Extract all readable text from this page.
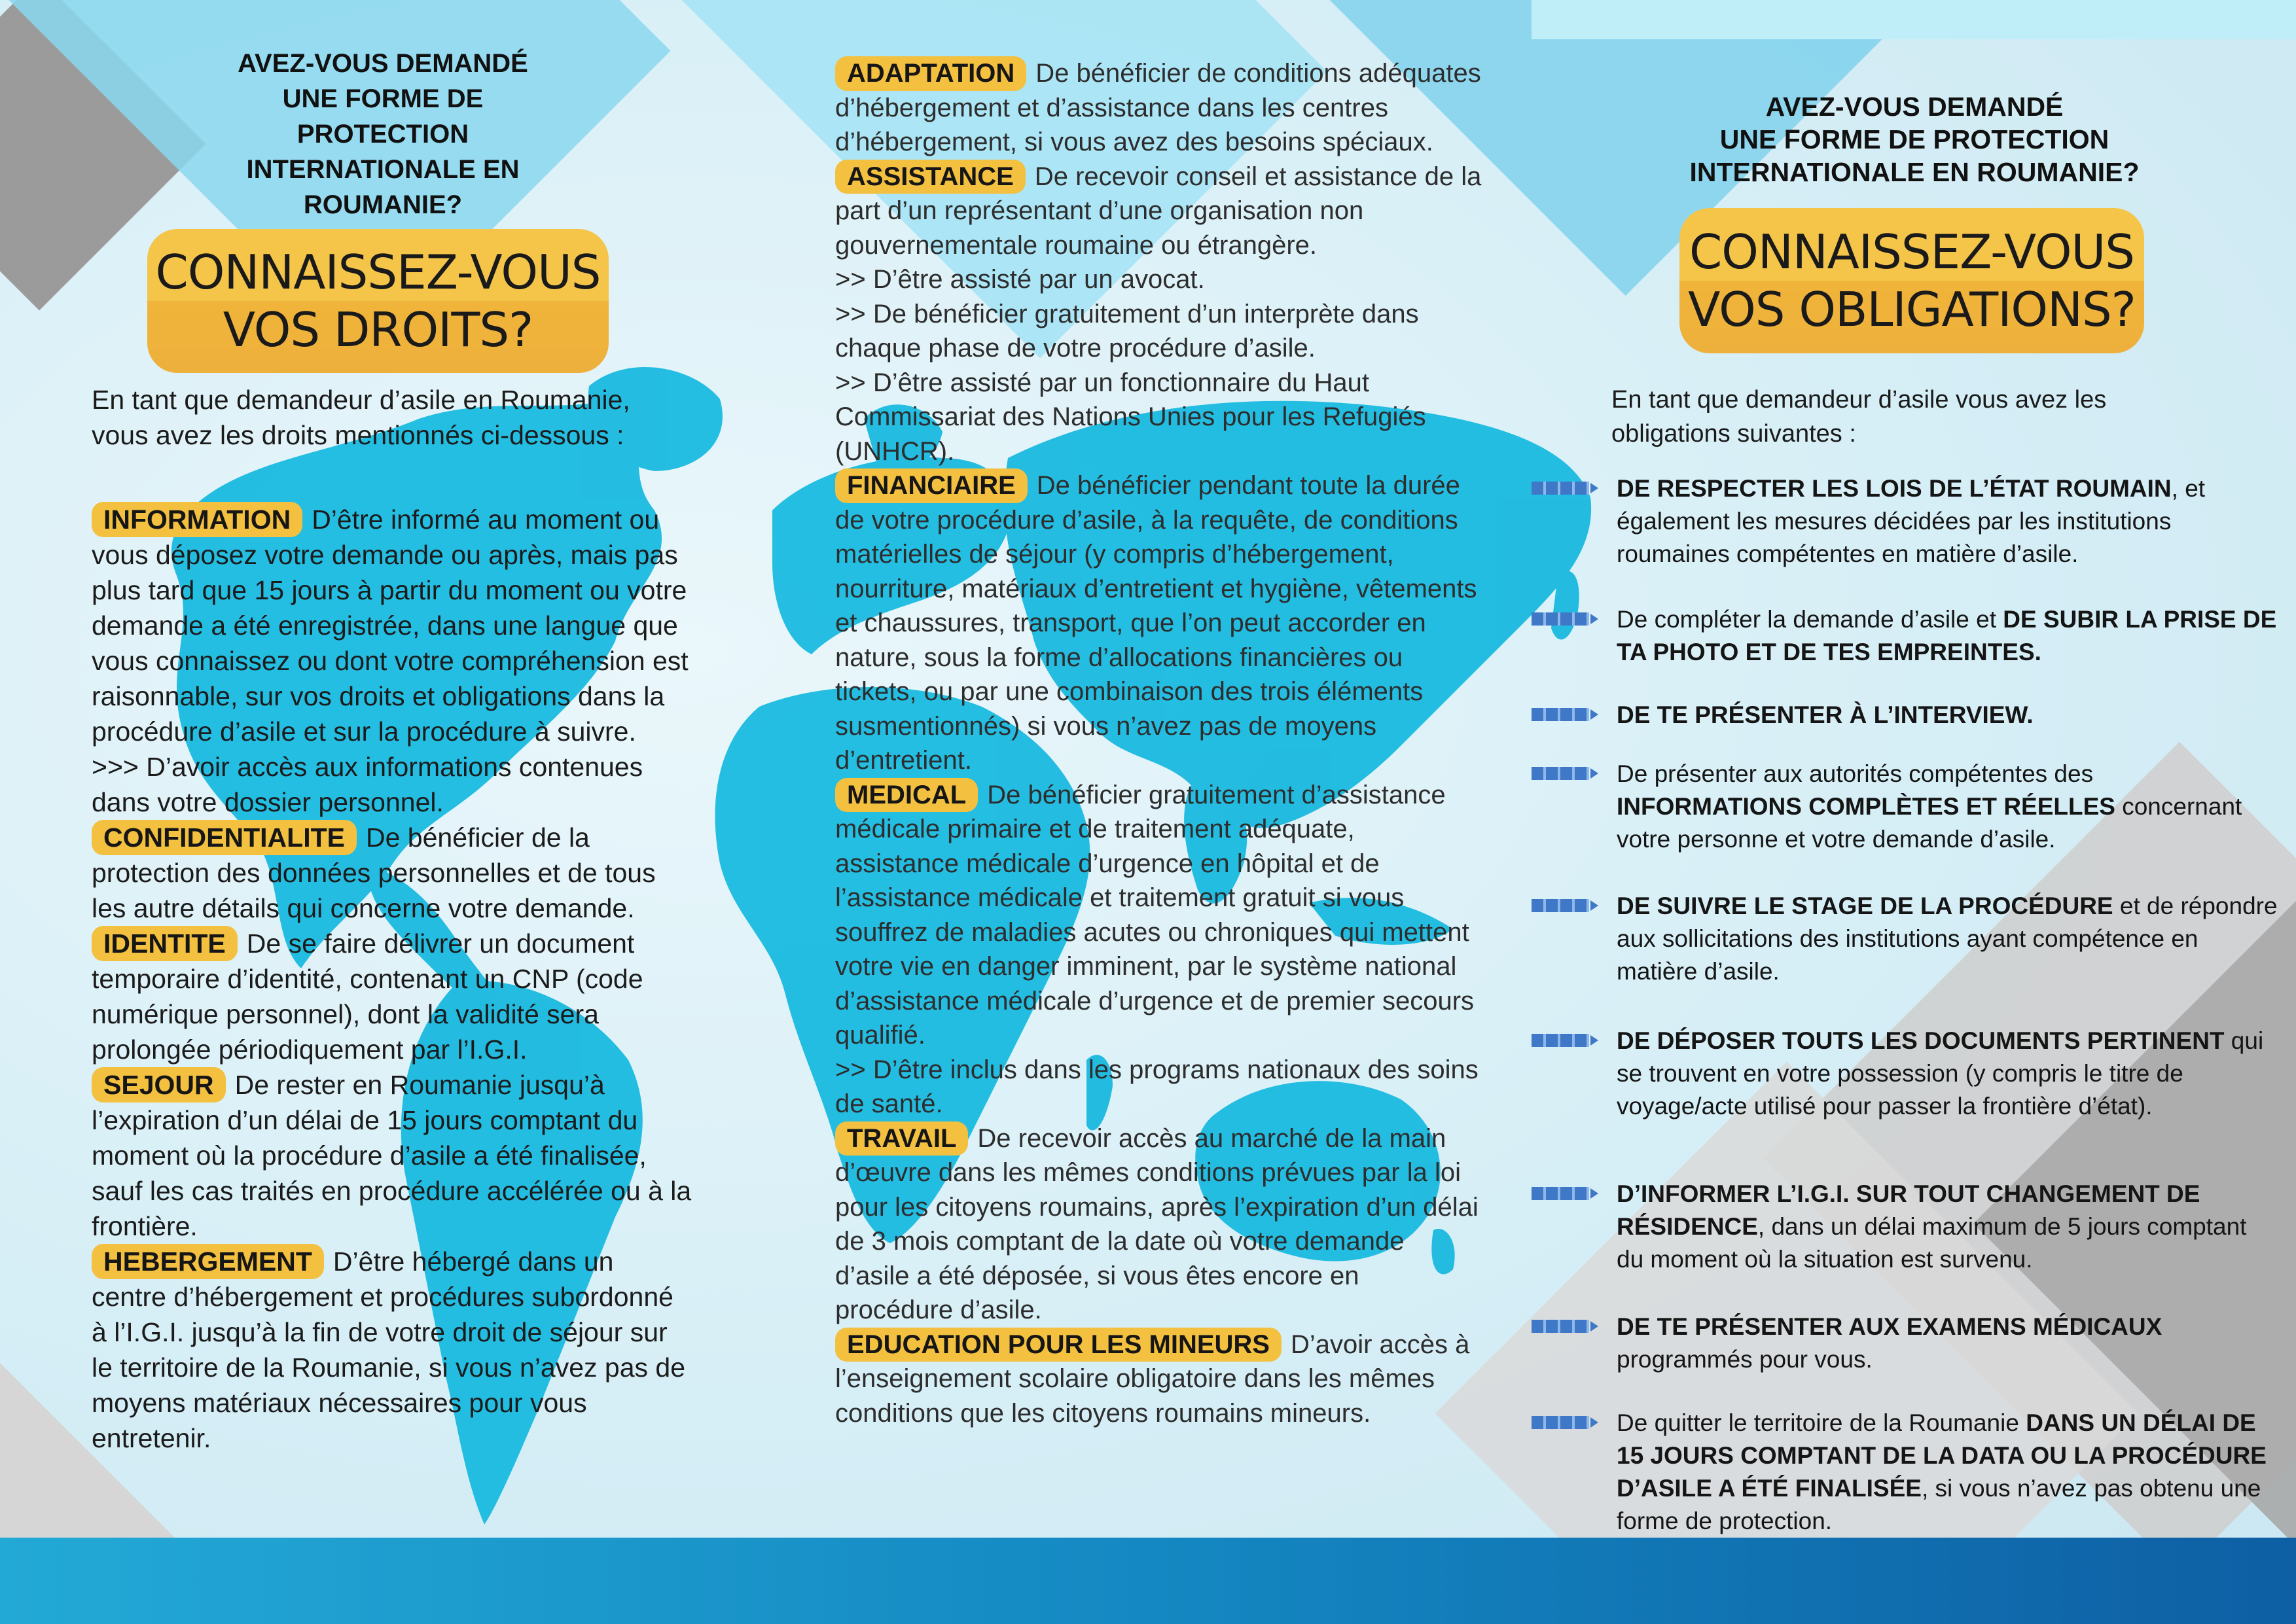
AVEZ-VOUS DEMANDÉ
UNE FORME DE
PROTECTION
INTERNATIONALE EN
ROUMANIE?
CONNAISSEZ-VOUS
VOS DROITS?
En tant que demandeur d’asile en Roumanie, vous avez les droits mentionnés ci-dessous :
INFORMATION D’être informé au moment ou vous déposez votre demande ou après, mais pas plus tard que 15 jours à partir du moment ou votre demande a été enregistrée, dans une langue que vous connaissez ou dont votre compréhension est raisonnable, sur vos droits et obligations dans la procédure d’asile et sur la procédure à suivre.
>>> D’avoir accès aux informations contenues dans votre dossier personnel.
CONFIDENTIALITE De bénéficier de la protection des données personnelles et de tous les autre détails qui concerne votre demande.
IDENTITE De se faire délivrer un document temporaire d’identité, contenant un CNP (code numérique personnel), dont la validité sera prolongée périodiquement par l’I.G.I.
SEJOUR De rester en Roumanie jusqu’à l’expiration d’un délai de 15 jours comptant du moment où la procédure d’asile a été finalisée, sauf les cas traités en procédure accélérée ou à la frontière.
HEBERGEMENT D’être hébergé dans un centre d’hébergement et procédures subordonné à l’I.G.I. jusqu’à la fin de votre droit de séjour sur le territoire de la Roumanie, si vous n’avez pas de moyens matériaux nécessaires pour vous entretenir.
ADAPTATION De bénéficier de conditions adéquates d’hébergement et d’assistance dans les centres d’hébergement, si vous avez des besoins spéciaux.
ASSISTANCE De recevoir conseil et assistance de la part d’un représentant d’une organisation non gouvernementale roumaine ou étrangère.
>> D’être assisté par un avocat.
>> De bénéficier gratuitement d’un interprète dans chaque phase de votre procédure d’asile.
>> D’être assisté par un fonctionnaire du Haut Commissariat des Nations Unies pour les Refugiés (UNHCR).
FINANCIAIRE De bénéficier pendant toute la durée de votre procédure d’asile, à la requête, de conditions matérielles de séjour (y compris d’hébergement, nourriture, matériaux d’entretient et hygiène, vêtements et chaussures, transport, que l’on peut accorder en nature, sous la forme d’allocations financières ou tickets, ou par une combinaison des trois éléments susmentionnés) si vous n’avez pas de moyens d’entretient.
MEDICAL De bénéficier gratuitement d’assistance médicale primaire et de traitement adéquate, assistance médicale d’urgence en hôpital et de l’assistance médicale et traitement gratuit si vous souffrez de maladies acutes ou chroniques qui mettent votre vie en danger imminent, par le système national d’assistance médicale d’urgence et de premier secours qualifié.
>> D’être inclus dans les programs nationaux des soins de santé.
TRAVAIL De recevoir accès au marché de la main d’œuvre dans les mêmes conditions prévues par la loi pour les citoyens roumains, après l’expiration d’un délai de 3 mois comptant de la date où votre demande d’asile a été déposée, si vous êtes encore en procédure d’asile.
EDUCATION POUR LES MINEURS D’avoir accès à l’enseignement scolaire obligatoire dans les mêmes conditions que les citoyens roumains mineurs.
AVEZ-VOUS DEMANDÉ
UNE FORME DE PROTECTION
INTERNATIONALE EN ROUMANIE?
CONNAISSEZ-VOUS
VOS OBLIGATIONS?
En tant que demandeur d’asile vous avez les obligations suivantes :
DE RESPECTER LES LOIS DE L’ÉTAT ROUMAIN, et également les mesures décidées par les institutions roumaines compétentes en matière d’asile.
De compléter la demande d’asile et DE SUBIR LA PRISE DE TA PHOTO ET DE TES EMPREINTES.
DE TE PRÉSENTER À L’INTERVIEW.
De présenter aux autorités compétentes des INFORMATIONS COMPLÈTES ET RÉELLES concernant votre personne et votre demande d’asile.
DE SUIVRE LE STAGE DE LA PROCÉDURE et de répondre aux sollicitations des institutions ayant compétence en matière d’asile.
DE DÉPOSER TOUTS LES DOCUMENTS PERTINENT qui se trouvent en votre possession (y compris le titre de voyage/acte utilisé pour passer la frontière d’état).
D’INFORMER L’I.G.I. SUR TOUT CHANGEMENT DE RÉSIDENCE, dans un délai maximum de 5 jours comptant du moment où la situation est survenu.
DE TE PRÉSENTER AUX EXAMENS MÉDICAUX programmés pour vous.
De quitter le territoire de la Roumanie DANS UN DÉLAI DE 15 JOURS COMPTANT DE LA DATA OU LA PROCÉDURE D’ASILE A ÉTÉ FINALISÉE, si vous n’avez pas obtenu une forme de protection.
